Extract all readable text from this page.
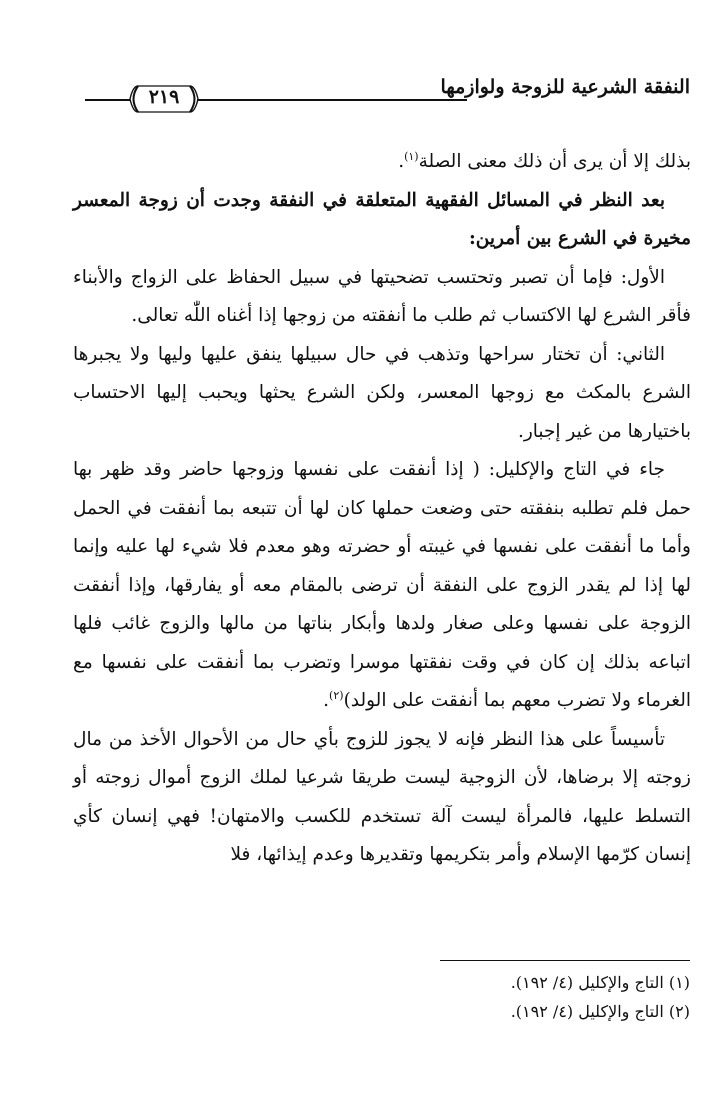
٢١٩	النفقة الشرعية للزوجة ولوازمها

بذلك إلا أن يرى أن ذلك معنى الصلة$^{(١)}$.

بعد النظر في المسائل الفقهية المتعلقة في النفقة وجدت أن زوجة المعسر مخيرة في الشرع بين أمرين:

الأول: فإما أن تصبر وتحتسب تضحيتها في سبيل الحفاظ على الزواج والأبناء فأقر الشرع لها الاكتساب ثم طلب ما أنفقته من زوجها إذا أغناه اللّٰه تعالى.

الثاني: أن تختار سراحها وتذهب في حال سبيلها ينفق عليها وليها ولا يجبرها الشرع بالمكث مع زوجها المعسر، ولكن الشرع يحثها ويحبب إليها الاحتساب باختيارها من غير إجبار.

جاء في التاج والإكليل: ( إذا أنفقت على نفسها وزوجها حاضر وقد ظهر بها حمل فلم تطلبه بنفقته حتى وضعت حملها كان لها أن تتبعه بما أنفقت في الحمل وأما ما أنفقت على نفسها في غيبته أو حضرته وهو معدم فلا شيء لها عليه وإنما لها إذا لم يقدر الزوج على النفقة أن ترضى بالمقام معه أو يفارقها، وإذا أنفقت الزوجة على نفسها وعلى صغار ولدها وأبكار بناتها من مالها والزوج غائب فلها اتباعه بذلك إن كان في وقت نفقتها موسرا وتضرب بما أنفقت على نفسها مع الغرماء ولا تضرب معهم بما أنفقت على الولد)$^{(٢)}$.

تأسيساً على هذا النظر فإنه لا يجوز للزوج بأي حال من الأحوال الأخذ من مال زوجته إلا برضاها، لأن الزوجية ليست طريقا شرعيا لملك الزوج أموال زوجته أو التسلط عليها، فالمرأة ليست آلة تستخدم للكسب والامتهان! فهي إنسان كأي إنسان كرّمها الإسلام وأمر بتكريمها وتقديرها وعدم إيذائها، فلا

(١) التاج والإكليل (٤/ ١٩٢).
(٢) التاج والإكليل (٤/ ١٩٢).
